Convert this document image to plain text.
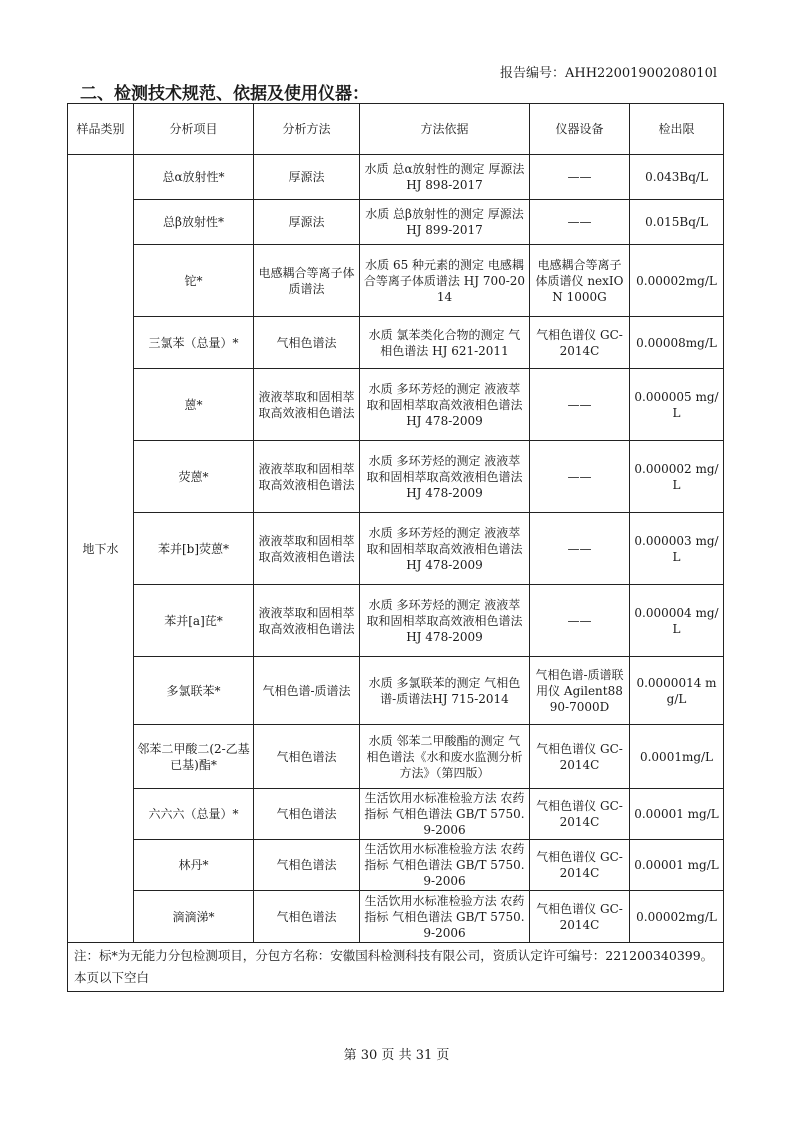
报告编号：AHH22001900208010l
二、检测技术规范、依据及使用仪器：
样品类别	分析项目	分析方法	方法依据	仪器设备	检出限
地下水	总α放射性*	厚源法	水质 总α放射性的测定 厚源法 HJ 898-2017	——	0.043Bq/L
	总β放射性*	厚源法	水质 总β放射性的测定 厚源法 HJ 899-2017	——	0.015Bq/L
	铊*	电感耦合等离子体质谱法	水质 65 种元素的测定 电感耦合等离子体质谱法 HJ 700-2014	电感耦合等离子体质谱仪 nexION 1000G	0.00002mg/L
	三氯苯（总量）*	气相色谱法	水质 氯苯类化合物的测定 气相色谱法 HJ 621-2011	气相色谱仪 GC-2014C	0.00008mg/L
	蒽*	液液萃取和固相萃取高效液相色谱法	水质 多环芳烃的测定 液液萃取和固相萃取高效液相色谱法 HJ 478-2009	——	0.000005 mg/L
	荧蒽*	液液萃取和固相萃取高效液相色谱法	水质 多环芳烃的测定 液液萃取和固相萃取高效液相色谱法 HJ 478-2009	——	0.000002 mg/L
	苯并[b]荧蒽*	液液萃取和固相萃取高效液相色谱法	水质 多环芳烃的测定 液液萃取和固相萃取高效液相色谱法 HJ 478-2009	——	0.000003 mg/L
	苯并[a]芘*	液液萃取和固相萃取高效液相色谱法	水质 多环芳烃的测定 液液萃取和固相萃取高效液相色谱法 HJ 478-2009	——	0.000004 mg/L
	多氯联苯*	气相色谱-质谱法	水质 多氯联苯的测定 气相色谱-质谱法HJ 715-2014	气相色谱-质谱联用仪 Agilent8890-7000D	0.0000014 mg/L
	邻苯二甲酸二(2-乙基已基)酯*	气相色谱法	水质 邻苯二甲酸酯的测定 气相色谱法《水和废水监测分析方法》（第四版）	气相色谱仪 GC-2014C	0.0001mg/L
	六六六（总量）*	气相色谱法	生活饮用水标准检验方法 农药指标 气相色谱法 GB/T 5750.9-2006	气相色谱仪 GC-2014C	0.00001 mg/L
	林丹*	气相色谱法	生活饮用水标准检验方法 农药指标 气相色谱法 GB/T 5750.9-2006	气相色谱仪 GC-2014C	0.00001 mg/L
	滴滴涕*	气相色谱法	生活饮用水标准检验方法 农药指标 气相色谱法 GB/T 5750.9-2006	气相色谱仪 GC-2014C	0.00002mg/L

注：标*为无能力分包检测项目，分包方名称：安徽国科检测科技有限公司，资质认定许可编号：221200340399。
本页以下空白					
第 30 页 共 31 页
